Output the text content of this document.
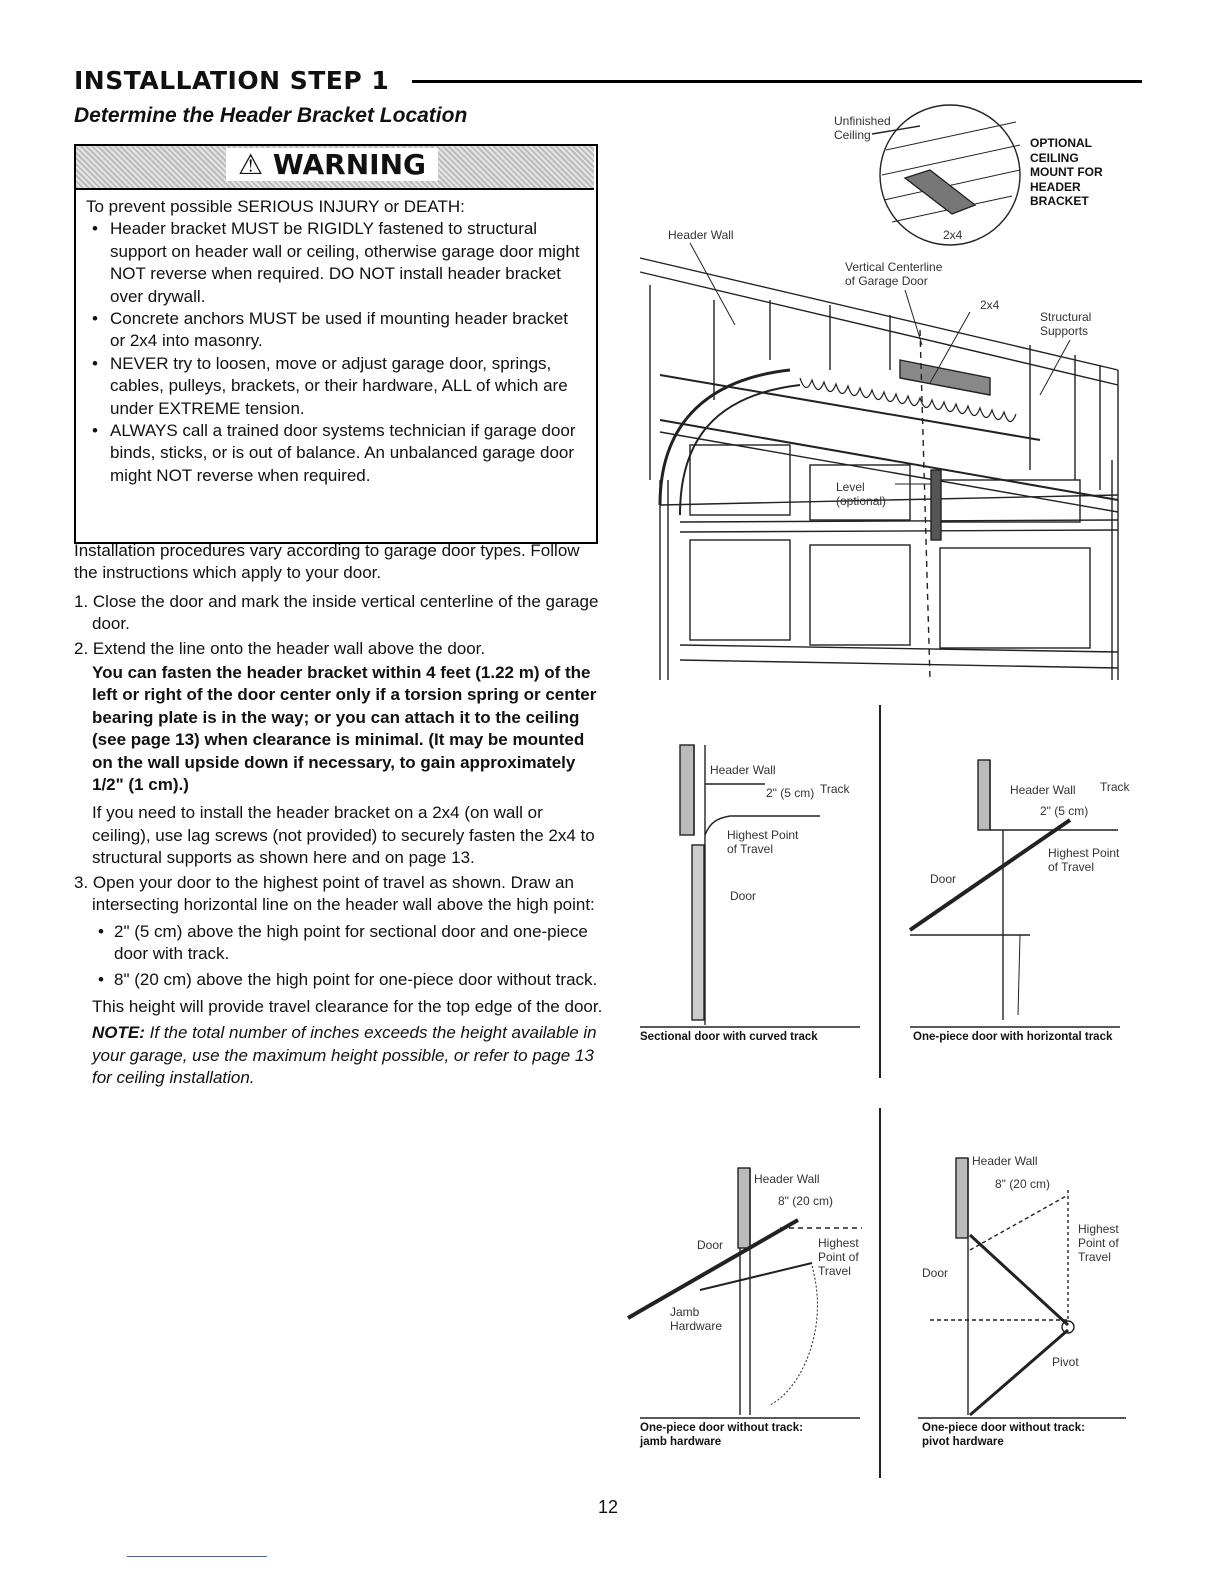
INSTALLATION STEP 1
Determine the Header Bracket Location
⚠ WARNING
To prevent possible SERIOUS INJURY or DEATH:
• Header bracket MUST be RIGIDLY fastened to structural support on header wall or ceiling, otherwise garage door might NOT reverse when required. DO NOT install header bracket over drywall.
• Concrete anchors MUST be used if mounting header bracket or 2x4 into masonry.
• NEVER try to loosen, move or adjust garage door, springs, cables, pulleys, brackets, or their hardware, ALL of which are under EXTREME tension.
• ALWAYS call a trained door systems technician if garage door binds, sticks, or is out of balance. An unbalanced garage door might NOT reverse when required.

Installation procedures vary according to garage door types. Follow the instructions which apply to your door.

1. Close the door and mark the inside vertical centerline of the garage door.

2. Extend the line onto the header wall above the door.

You can fasten the header bracket within 4 feet (1.22 m) of the left or right of the door center only if a torsion spring or center bearing plate is in the way; or you can attach it to the ceiling (see page 13) when clearance is minimal. (It may be mounted on the wall upside down if necessary, to gain approximately 1/2" (1 cm).)

If you need to install the header bracket on a 2x4 (on wall or ceiling), use lag screws (not provided) to securely fasten the 2x4 to structural supports as shown here and on page 13.

3. Open your door to the highest point of travel as shown. Draw an intersecting horizontal line on the header wall above the high point:

• 2" (5 cm) above the high point for sectional door and one-piece door with track.
• 8" (20 cm) above the high point for one-piece door without track.

This height will provide travel clearance for the top edge of the door.

NOTE: If the total number of inches exceeds the height available in your garage, use the maximum height possible, or refer to page 13 for ceiling installation.

Unfinished Ceiling
OPTIONAL CEILING MOUNT FOR HEADER BRACKET
2x4
Header Wall
Vertical Centerline of Garage Door
2x4
Structural Supports
Level (optional)
Header Wall
2" (5 cm) Track
Highest Point of Travel
Door
Sectional door with curved track
Header Wall Track
2" (5 cm)
Highest Point of Travel
Door
One-piece door with horizontal track
Header Wall
8" (20 cm)
Door	Highest Point of Travel
Jamb Hardware
One-piece door without track:
jamb hardware
Header Wall
8" (20 cm)
Highest Point of Travel
Door
Pivot
One-piece door without track:
pivot hardware
12
